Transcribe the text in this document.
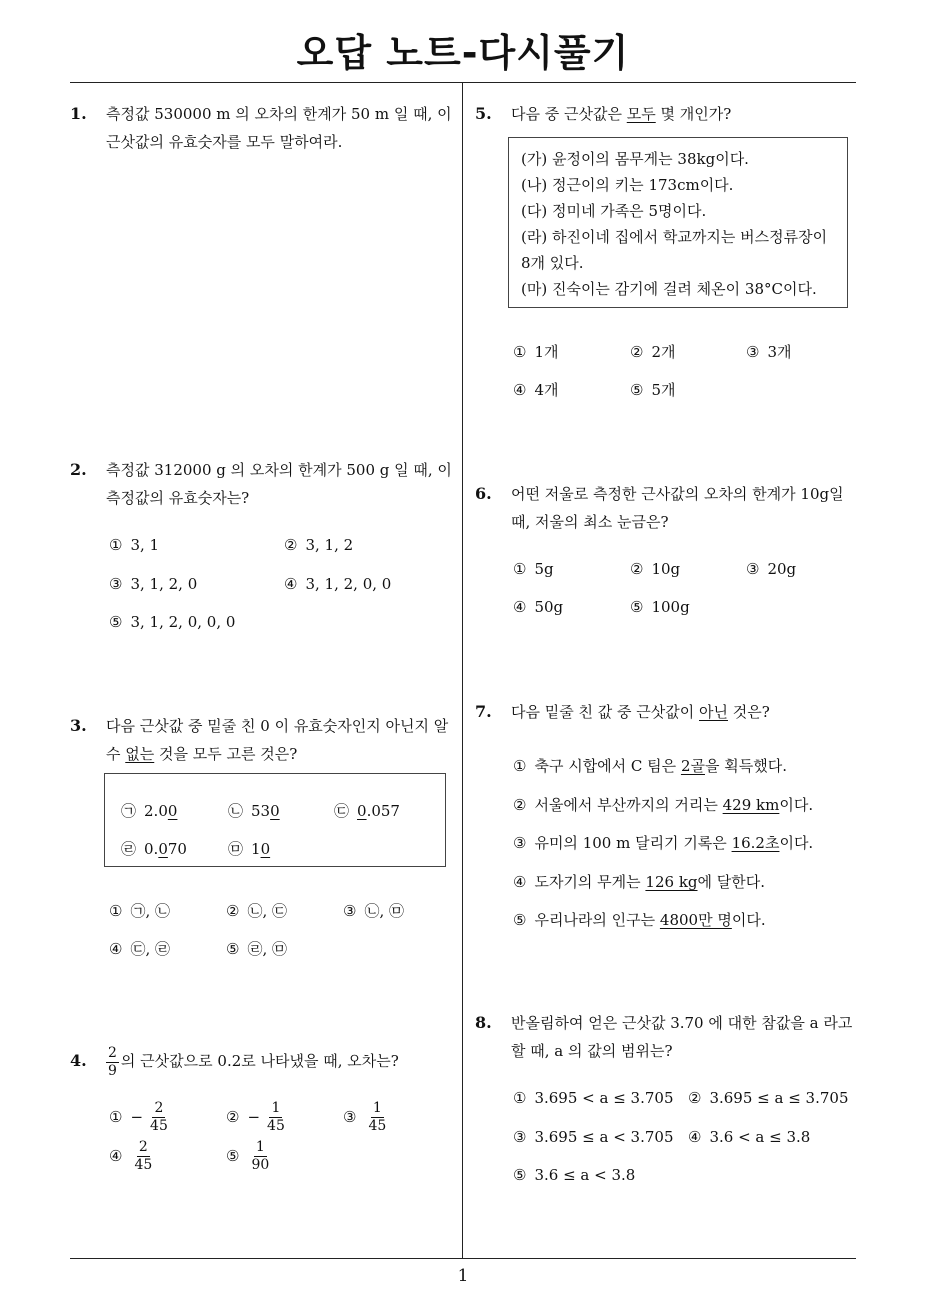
오답 노트-다시풀기
1
1. 측정값 530000 m 의 오차의 한계가 50 m 일 때, 이
근삿값의 유효숫자를 모두 말하여라.
2. 측정값 312000 g 의 오차의 한계가 500 g 일 때, 이
측정값의 유효숫자는?
① 3, 1	② 3, 1, 2
③ 3, 1, 2, 0	④ 3, 1, 2, 0, 0
⑤ 3, 1, 2, 0, 0, 0
3. 다음 근삿값 중 밑줄 친 0 이 유효숫자인지 아닌지 알
수 없는 것을 모두 고른 것은?
㉠ 2.00	㉡ 530	㉢ 0.057
㉣ 0.070	㉤ 10
① ㉠, ㉡	② ㉡, ㉢	③ ㉡, ㉤
④ ㉢, ㉣	⑤ ㉣, ㉤
4. $\frac{2}{9}$ 의 근삿값으로 0.2로 나타냈을 때, 오차는?
① − $\frac{2}{45}$	② − $\frac{1}{45}$	③ $\frac{1}{45}$
④ $\frac{2}{45}$	⑤ $\frac{1}{90}$
5. 다음 중 근삿값은 모두 몇 개인가?
(가) 윤정이의 몸무게는 38kg이다.
(나) 정근이의 키는 173cm이다.
(다) 정미네 가족은 5명이다.
(라) 하진이네 집에서 학교까지는 버스정류장이
8개 있다.
(마) 진숙이는 감기에 걸려 체온이 38°C이다.
① 1개	② 2개	③ 3개
④ 4개	⑤ 5개
6. 어떤 저울로 측정한 근사값의 오차의 한계가 10g일
때, 저울의 최소 눈금은?
① 5g	② 10g	③ 20g
④ 50g	⑤ 100g
7. 다음 밑줄 친 값 중 근삿값이 아닌 것은?
① 축구 시합에서 C 팀은 2골을 획득했다.
② 서울에서 부산까지의 거리는 429 km이다.
③ 유미의 100 m 달리기 기록은 16.2초이다.
④ 도자기의 무게는 126 kg에 달한다.
⑤ 우리나라의 인구는 4800만 명이다.
8. 반올림하여 얻은 근삿값 3.70 에 대한 참값을 a 라고
할 때, a 의 값의 범위는?
① 3.695 < a ≤ 3.705 ② 3.695 ≤ a ≤ 3.705
③ 3.695 ≤ a < 3.705 ④ 3.6 < a ≤ 3.8
⑤ 3.6 ≤ a < 3.8
